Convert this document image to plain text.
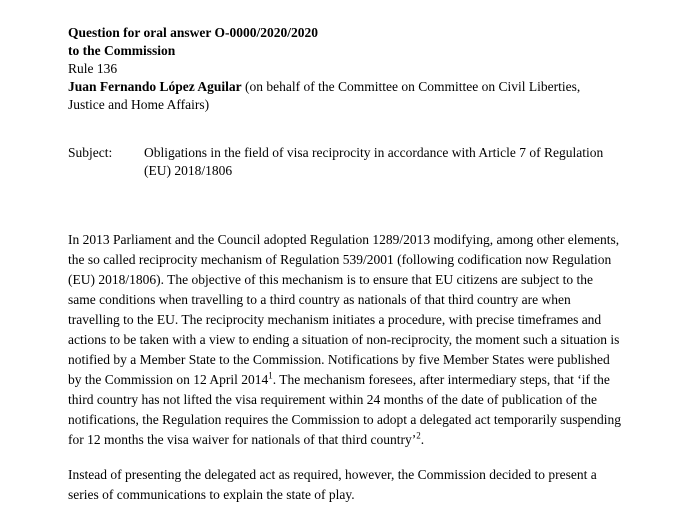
Question for oral answer O-0000/2020/2020

to the Commission

Rule 136

Juan Fernando López Aguilar (on behalf of the Committee on Committee on Civil Liberties, Justice and Home Affairs)

Subject:	Obligations in the field of visa reciprocity in accordance with Article 7 of Regulation (EU) 2018/1806

In 2013 Parliament and the Council adopted Regulation 1289/2013 modifying, among other elements, the so called reciprocity mechanism of Regulation 539/2001 (following codification now Regulation (EU) 2018/1806). The objective of this mechanism is to ensure that EU citizens are subject to the same conditions when travelling to a third country as nationals of that third country are when travelling to the EU. The reciprocity mechanism initiates a procedure, with precise timeframes and actions to be taken with a view to ending a situation of non-reciprocity, the moment such a situation is notified by a Member State to the Commission. Notifications by five Member States were published by the Commission on 12 April 2014$^1$. The mechanism foresees, after intermediary steps, that ‘if the third country has not lifted the visa requirement within 24 months of the date of publication of the notifications, the Regulation requires the Commission to adopt a delegated act temporarily suspending for 12 months the visa waiver for nationals of that third country’$^2$.

Instead of presenting the delegated act as required, however, the Commission decided to present a series of communications to explain the state of play.
